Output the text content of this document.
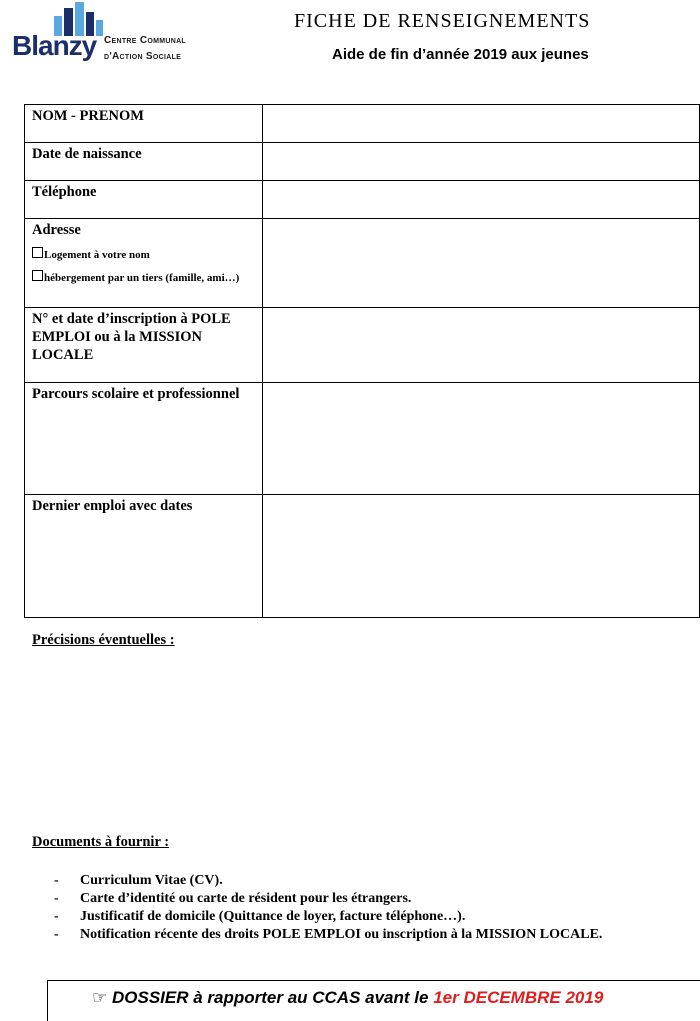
Blanzy Centre Communal
d'Action Sociale
FICHE DE RENSEIGNEMENTS
Aide de fin d’année 2019 aux jeunes
NOM - PRENOM	
Date de naissance	
Téléphone	
Adresse
Logement à votre nom
hébergement par un tiers (famille, ami…)	

N° et date d’inscription à POLE EMPLOI ou à la MISSION LOCALE	
Parcours scolaire et professionnel	
Dernier emploi avec dates	
Précisions éventuelles :
Documents à fournir :
- Curriculum Vitae (CV).
- Carte d’identité ou carte de résident pour les étrangers.
- Justificatif de domicile (Quittance de loyer, facture téléphone…).
- Notification récente des droits POLE EMPLOI ou inscription à la MISSION LOCALE.
☞ DOSSIER à rapporter au CCAS avant le 1er DECEMBRE 2019
